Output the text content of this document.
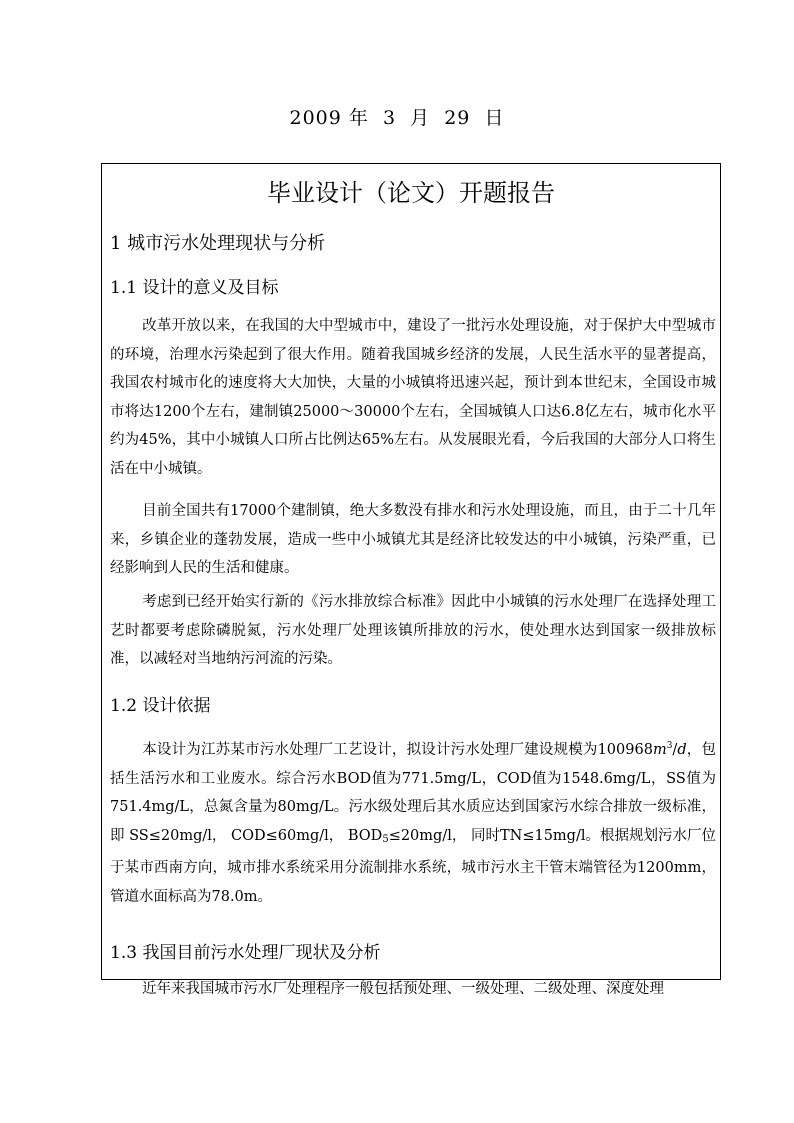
2009 年  3  月  29  日
毕业设计（论文）开题报告
1 城市污水处理现状与分析
1.1 设计的意义及目标
改革开放以来，在我国的大中型城市中，建设了一批污水处理设施，对于保护大中型城市的环境，治理水污染起到了很大作用。随着我国城乡经济的发展，人民生活水平的显著提高，我国农村城市化的速度将大大加快，大量的小城镇将迅速兴起，预计到本世纪末，全国设市城市将达1200个左右，建制镇25000～30000个左右，全国城镇人口达6.8亿左右，城市化水平约为45%，其中小城镇人口所占比例达65%左右。从发展眼光看，今后我国的大部分人口将生活在中小城镇。
目前全国共有17000个建制镇，绝大多数没有排水和污水处理设施，而且，由于二十几年来，乡镇企业的蓬勃发展，造成一些中小城镇尤其是经济比较发达的中小城镇，污染严重，已经影响到人民的生活和健康。
考虑到已经开始实行新的《污水排放综合标准》因此中小城镇的污水处理厂在选择处理工艺时都要考虑除磷脱氮，污水处理厂处理该镇所排放的污水，使处理水达到国家一级排放标准，以减轻对当地纳污河流的污染。
1.2 设计依据
本设计为江苏某市污水处理厂工艺设计，拟设计污水处理厂建设规模为$100968m^3/d$，包括生活污水和工业废水。综合污水BOD值为771.5mg/L，COD值为1548.6mg/L，SS值为751.4mg/L，总氮含量为80mg/L。污水级处理后其水质应达到国家污水综合排放一级标准，即 SS≤20mg/l， COD≤60mg/l， $BOD_5\le 20mg/l$， 同时TN≤15mg/l。根据规划污水厂位于某市西南方向，城市排水系统采用分流制排水系统，城市污水主干管末端管径为1200mm，管道水面标高为78.0m。
1.3 我国目前污水处理厂现状及分析
近年来我国城市污水厂处理程序一般包括预处理、一级处理、二级处理、深度处理
